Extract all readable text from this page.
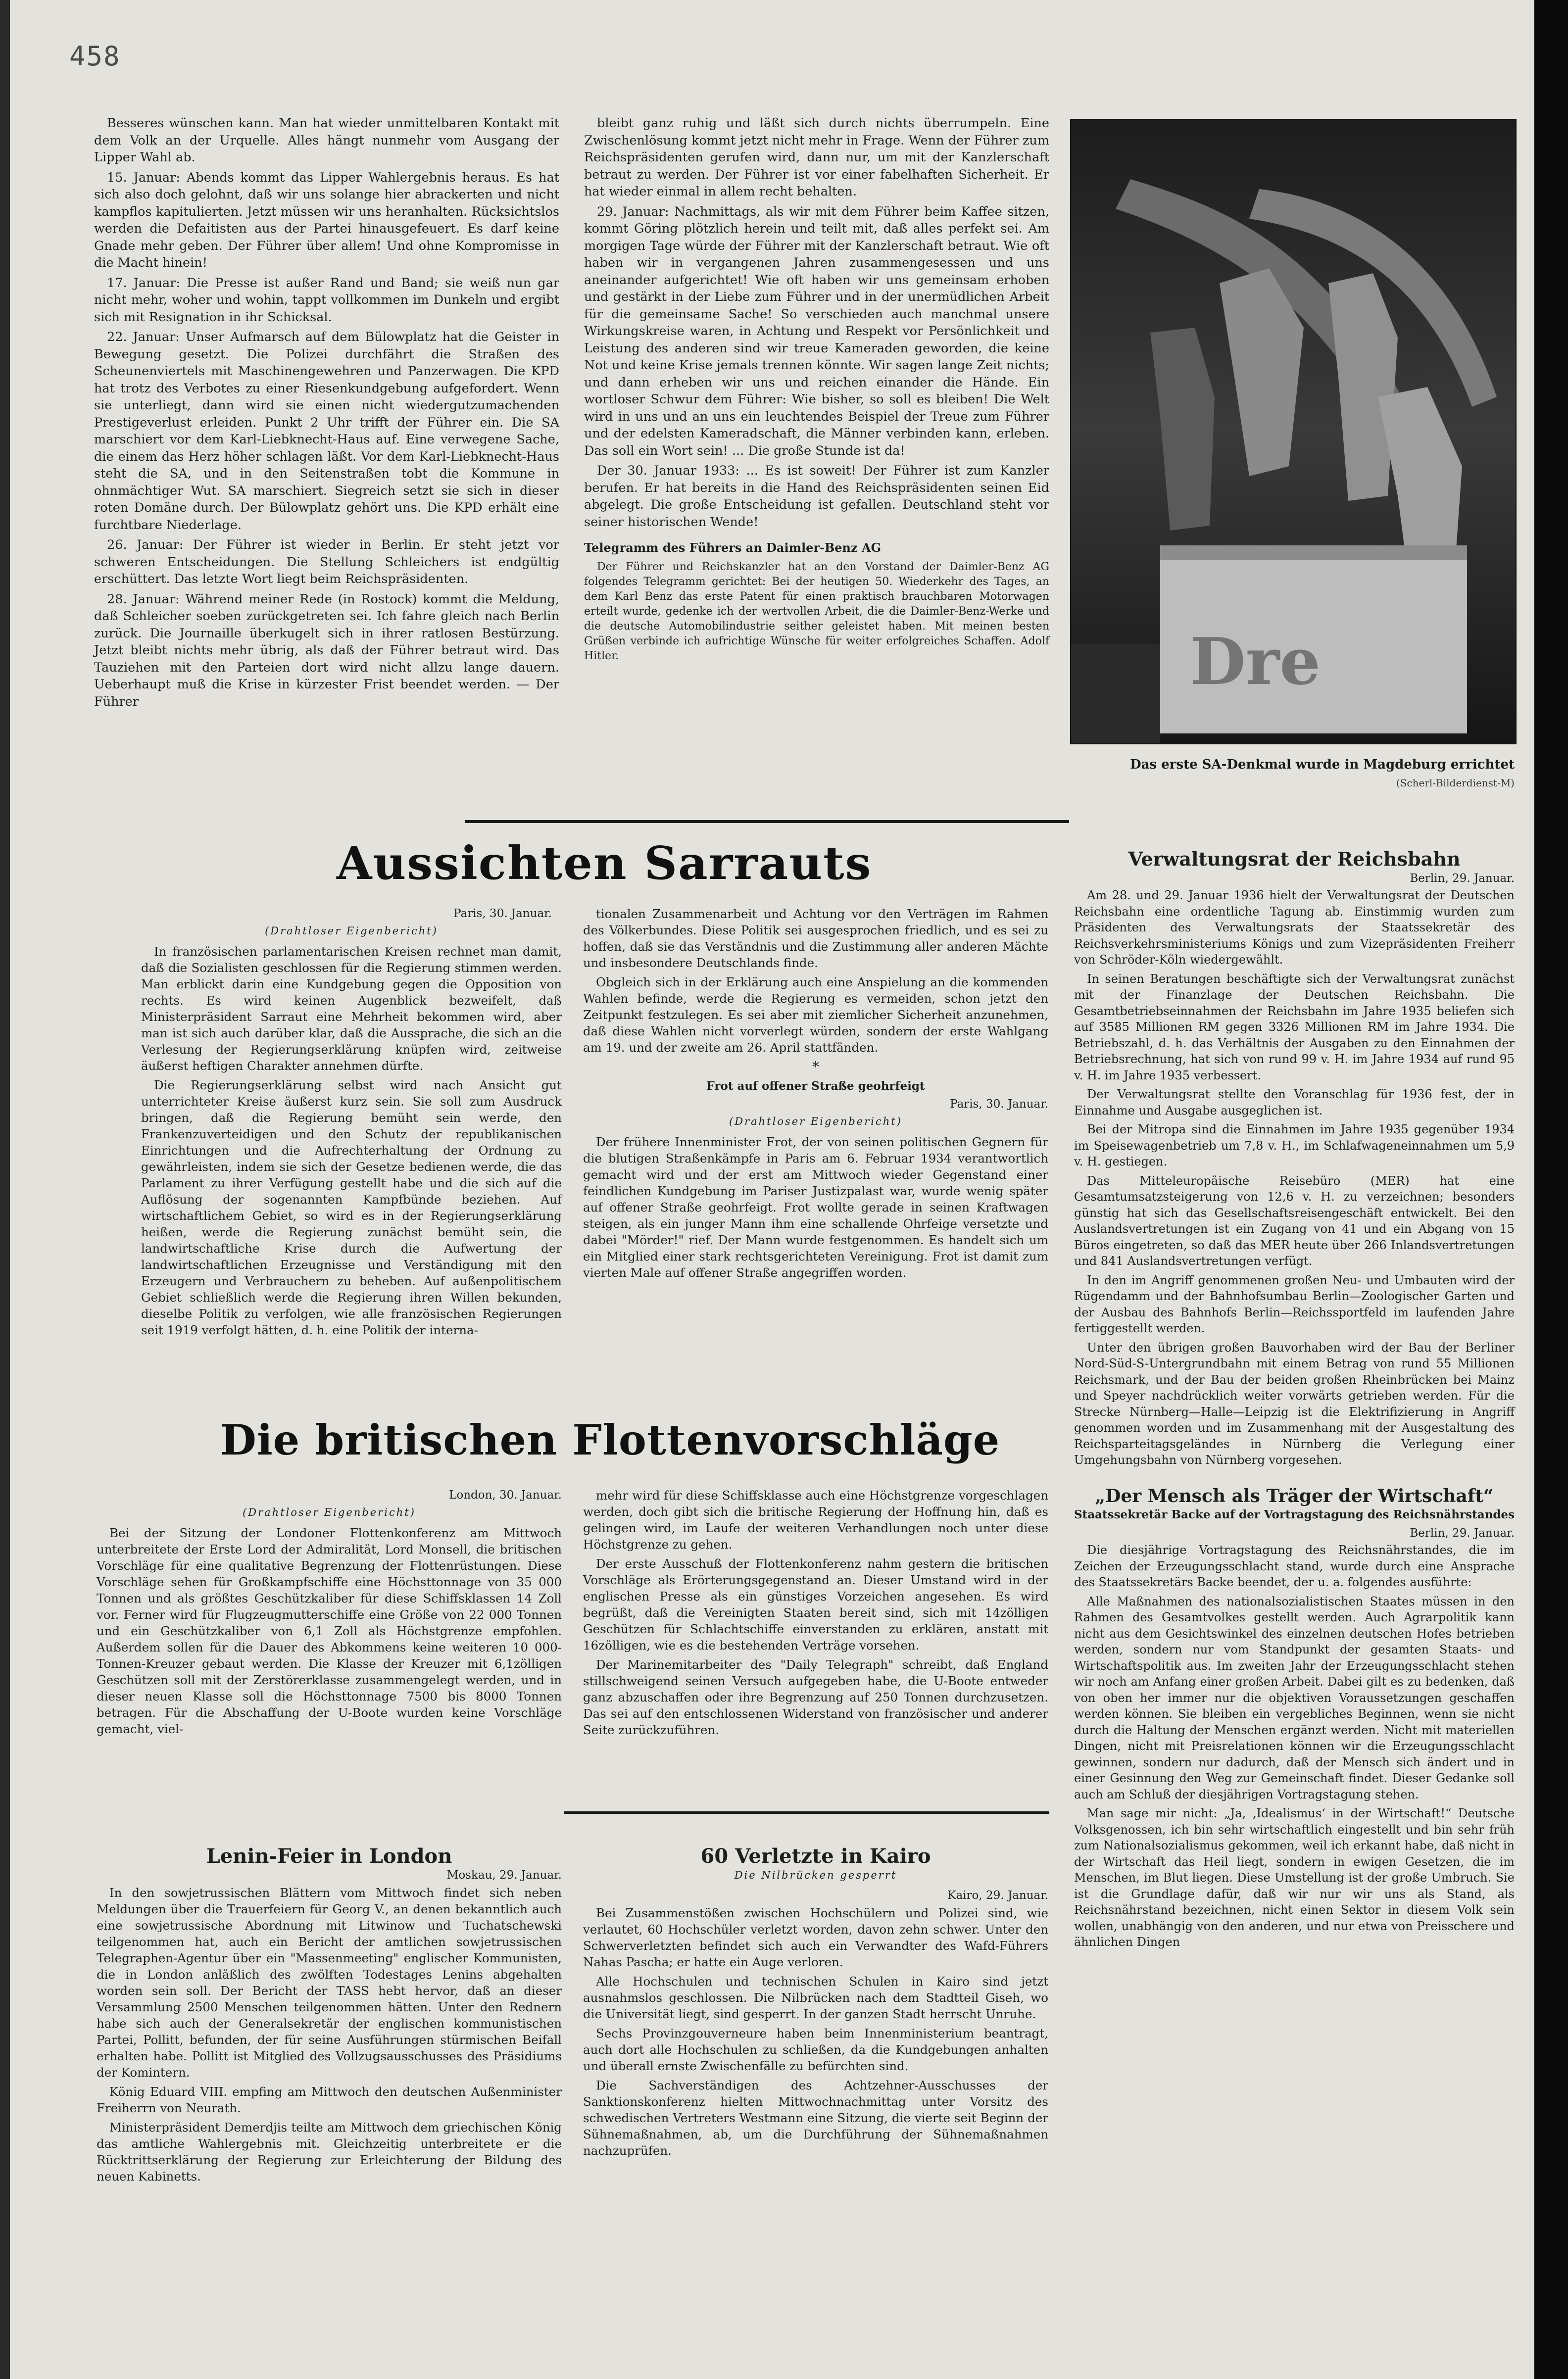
458

Besseres wünschen kann. Man hat wieder unmittelbaren Kontakt mit dem Volk an der Urquelle. Alles hängt nunmehr vom Ausgang der Lipper Wahl ab.

15. Januar: Abends kommt das Lipper Wahlergebnis heraus. Es hat sich also doch gelohnt, daß wir uns solange hier abrackerten und nicht kampflos kapitulierten. Jetzt müssen wir uns heranhalten. Rücksichtslos werden die Defaitisten aus der Partei hinausgefeuert. Es darf keine Gnade mehr geben. Der Führer über allem! Und ohne Kompromisse in die Macht hinein!

17. Januar: Die Presse ist außer Rand und Band; sie weiß nun gar nicht mehr, woher und wohin, tappt vollkommen im Dunkeln und ergibt sich mit Resignation in ihr Schicksal.

22. Januar: Unser Aufmarsch auf dem Bülowplatz hat die Geister in Bewegung gesetzt. Die Polizei durchfährt die Straßen des Scheunenviertels mit Maschinengewehren und Panzerwagen. Die KPD hat trotz des Verbotes zu einer Riesenkundgebung aufgefordert. Wenn sie unterliegt, dann wird sie einen nicht wiedergutzumachenden Prestigeverlust erleiden. Punkt 2 Uhr trifft der Führer ein. Die SA marschiert vor dem Karl-Liebknecht-Haus auf. Eine verwegene Sache, die einem das Herz höher schlagen läßt. Vor dem Karl-Liebknecht-Haus steht die SA, und in den Seitenstraßen tobt die Kommune in ohnmächtiger Wut. SA marschiert. Siegreich setzt sie sich in dieser roten Domäne durch. Der Bülowplatz gehört uns. Die KPD erhält eine furchtbare Niederlage.

26. Januar: Der Führer ist wieder in Berlin. Er steht jetzt vor schweren Entscheidungen. Die Stellung Schleichers ist endgültig erschüttert. Das letzte Wort liegt beim Reichspräsidenten.

28. Januar: Während meiner Rede (in Rostock) kommt die Meldung, daß Schleicher soeben zurückgetreten sei. Ich fahre gleich nach Berlin zurück. Die Journaille überkugelt sich in ihrer ratlosen Bestürzung. Jetzt bleibt nichts mehr übrig, als daß der Führer betraut wird. Das Tauziehen mit den Parteien dort wird nicht allzu lange dauern. Ueberhaupt muß die Krise in kürzester Frist beendet werden. — Der Führer

bleibt ganz ruhig und läßt sich durch nichts überrumpeln. Eine Zwischenlösung kommt jetzt nicht mehr in Frage. Wenn der Führer zum Reichspräsidenten gerufen wird, dann nur, um mit der Kanzlerschaft betraut zu werden. Der Führer ist vor einer fabelhaften Sicherheit. Er hat wieder einmal in allem recht behalten.

29. Januar: Nachmittags, als wir mit dem Führer beim Kaffee sitzen, kommt Göring plötzlich herein und teilt mit, daß alles perfekt sei. Am morgigen Tage würde der Führer mit der Kanzlerschaft betraut. Wie oft haben wir in vergangenen Jahren zusammengesessen und uns aneinander aufgerichtet! Wie oft haben wir uns gemeinsam erhoben und gestärkt in der Liebe zum Führer und in der unermüdlichen Arbeit für die gemeinsame Sache! So verschieden auch manchmal unsere Wirkungskreise waren, in Achtung und Respekt vor Persönlichkeit und Leistung des anderen sind wir treue Kameraden geworden, die keine Not und keine Krise jemals trennen könnte. Wir sagen lange Zeit nichts; und dann erheben wir uns und reichen einander die Hände. Ein wortloser Schwur dem Führer: Wie bisher, so soll es bleiben! Die Welt wird in uns und an uns ein leuchtendes Beispiel der Treue zum Führer und der edelsten Kameradschaft, die Männer verbinden kann, erleben. Das soll ein Wort sein! ... Die große Stunde ist da!

Der 30. Januar 1933: ... Es ist soweit! Der Führer ist zum Kanzler berufen. Er hat bereits in die Hand des Reichspräsidenten seinen Eid abgelegt. Die große Entscheidung ist gefallen. Deutschland steht vor seiner historischen Wende!

Telegramm des Führers an Daimler-Benz AG

Der Führer und Reichskanzler hat an den Vorstand der Daimler-Benz AG folgendes Telegramm gerichtet: Bei der heutigen 50. Wiederkehr des Tages, an dem Karl Benz das erste Patent für einen praktisch brauchbaren Motorwagen erteilt wurde, gedenke ich der wertvollen Arbeit, die die Daimler-Benz-Werke und die deutsche Automobilindustrie seither geleistet haben. Mit meinen besten Grüßen verbinde ich aufrichtige Wünsche für weiter erfolgreiches Schaffen. Adolf Hitler.	Dre
Das erste SA-Denkmal wurde in Magdeburg errichtet
(Scherl-Bilderdienst-M)
Aussichten Sarrauts
Paris, 30. Januar.
(Drahtloser Eigenbericht)

In französischen parlamentarischen Kreisen rechnet man damit, daß die Sozialisten geschlossen für die Regierung stimmen werden. Man erblickt darin eine Kundgebung gegen die Opposition von rechts. Es wird keinen Augenblick bezweifelt, daß Ministerpräsident Sarraut eine Mehrheit bekommen wird, aber man ist sich auch darüber klar, daß die Aussprache, die sich an die Verlesung der Regierungserklärung knüpfen wird, zeitweise äußerst heftigen Charakter annehmen dürfte.

Die Regierungserklärung selbst wird nach Ansicht gut unterrichteter Kreise äußerst kurz sein. Sie soll zum Ausdruck bringen, daß die Regierung bemüht sein werde, den Frankenzuverteidigen und den Schutz der republikanischen Einrichtungen und die Aufrechterhaltung der Ordnung zu gewährleisten, indem sie sich der Gesetze bedienen werde, die das Parlament zu ihrer Verfügung gestellt habe und die sich auf die Auflösung der sogenannten Kampfbünde beziehen. Auf wirtschaftlichem Gebiet, so wird es in der Regierungserklärung heißen, werde die Regierung zunächst bemüht sein, die landwirtschaftliche Krise durch die Aufwertung der landwirtschaftlichen Erzeugnisse und Verständigung mit den Erzeugern und Verbrauchern zu beheben. Auf außenpolitischem Gebiet schließlich werde die Regierung ihren Willen bekunden, dieselbe Politik zu verfolgen, wie alle französischen Regierungen seit 1919 verfolgt hätten, d. h. eine Politik der interna-

tionalen Zusammenarbeit und Achtung vor den Verträgen im Rahmen des Völkerbundes. Diese Politik sei ausgesprochen friedlich, und es sei zu hoffen, daß sie das Verständnis und die Zustimmung aller anderen Mächte und insbesondere Deutschlands finde.

Obgleich sich in der Erklärung auch eine Anspielung an die kommenden Wahlen befinde, werde die Regierung es vermeiden, schon jetzt den Zeitpunkt festzulegen. Es sei aber mit ziemlicher Sicherheit anzunehmen, daß diese Wahlen nicht vorverlegt würden, sondern der erste Wahlgang am 19. und der zweite am 26. April stattfänden.

*
Frot auf offener Straße geohrfeigt
Paris, 30. Januar.
(Drahtloser Eigenbericht)

Der frühere Innenminister Frot, der von seinen politischen Gegnern für die blutigen Straßenkämpfe in Paris am 6. Februar 1934 verantwortlich gemacht wird und der erst am Mittwoch wieder Gegenstand einer feindlichen Kundgebung im Pariser Justizpalast war, wurde wenig später auf offener Straße geohrfeigt. Frot wollte gerade in seinen Kraftwagen steigen, als ein junger Mann ihm eine schallende Ohrfeige versetzte und dabei "Mörder!" rief. Der Mann wurde festgenommen. Es handelt sich um ein Mitglied einer stark rechtsgerichteten Vereinigung. Frot ist damit zum vierten Male auf offener Straße angegriffen worden.

Die britischen Flottenvorschläge
London, 30. Januar.
(Drahtloser Eigenbericht)

Bei der Sitzung der Londoner Flottenkonferenz am Mittwoch unterbreitete der Erste Lord der Admiralität, Lord Monsell, die britischen Vorschläge für eine qualitative Begrenzung der Flottenrüstungen. Diese Vorschläge sehen für Großkampfschiffe eine Höchsttonnage von 35 000 Tonnen und als größtes Geschützkaliber für diese Schiffsklassen 14 Zoll vor. Ferner wird für Flugzeugmutterschiffe eine Größe von 22 000 Tonnen und ein Geschützkaliber von 6,1 Zoll als Höchstgrenze empfohlen. Außerdem sollen für die Dauer des Abkommens keine weiteren 10 000-Tonnen-Kreuzer gebaut werden. Die Klasse der Kreuzer mit 6,1zölligen Geschützen soll mit der Zerstörerklasse zusammengelegt werden, und in dieser neuen Klasse soll die Höchsttonnage 7500 bis 8000 Tonnen betragen. Für die Abschaffung der U-Boote wurden keine Vorschläge gemacht, viel-

mehr wird für diese Schiffsklasse auch eine Höchstgrenze vorgeschlagen werden, doch gibt sich die britische Regierung der Hoffnung hin, daß es gelingen wird, im Laufe der weiteren Verhandlungen noch unter diese Höchstgrenze zu gehen.

Der erste Ausschuß der Flottenkonferenz nahm gestern die britischen Vorschläge als Erörterungsgegenstand an. Dieser Umstand wird in der englischen Presse als ein günstiges Vorzeichen angesehen. Es wird begrüßt, daß die Vereinigten Staaten bereit sind, sich mit 14zölligen Geschützen für Schlachtschiffe einverstanden zu erklären, anstatt mit 16zölligen, wie es die bestehenden Verträge vorsehen.

Der Marinemitarbeiter des "Daily Telegraph" schreibt, daß England stillschweigend seinen Versuch aufgegeben habe, die U-Boote entweder ganz abzuschaffen oder ihre Begrenzung auf 250 Tonnen durchzusetzen. Das sei auf den entschlossenen Widerstand von französischer und anderer Seite zurückzuführen.

Lenin-Feier in London
Moskau, 29. Januar.

In den sowjetrussischen Blättern vom Mittwoch findet sich neben Meldungen über die Trauerfeiern für Georg V., an denen bekanntlich auch eine sowjetrussische Abordnung mit Litwinow und Tuchatschewski teilgenommen hat, auch ein Bericht der amtlichen sowjetrussischen Telegraphen-Agentur über ein "Massenmeeting" englischer Kommunisten, die in London anläßlich des zwölften Todestages Lenins abgehalten worden sein soll. Der Bericht der TASS hebt hervor, daß an dieser Versammlung 2500 Menschen teilgenommen hätten. Unter den Rednern habe sich auch der Generalsekretär der englischen kommunistischen Partei, Pollitt, befunden, der für seine Ausführungen stürmischen Beifall erhalten habe. Pollitt ist Mitglied des Vollzugsausschusses des Präsidiums der Komintern.

König Eduard VIII. empfing am Mittwoch den deutschen Außenminister Freiherrn von Neurath.

Ministerpräsident Demerdjis teilte am Mittwoch dem griechischen König das amtliche Wahlergebnis mit. Gleichzeitig unterbreitete er die Rücktrittserklärung der Regierung zur Erleichterung der Bildung des neuen Kabinetts.

60 Verletzte in Kairo
Die Nilbrücken gesperrt
Kairo, 29. Januar.

Bei Zusammenstößen zwischen Hochschülern und Polizei sind, wie verlautet, 60 Hochschüler verletzt worden, davon zehn schwer. Unter den Schwerverletzten befindet sich auch ein Verwandter des Wafd-Führers Nahas Pascha; er hatte ein Auge verloren.

Alle Hochschulen und technischen Schulen in Kairo sind jetzt ausnahmslos geschlossen. Die Nilbrücken nach dem Stadtteil Giseh, wo die Universität liegt, sind gesperrt. In der ganzen Stadt herrscht Unruhe.

Sechs Provinzgouverneure haben beim Innenministerium beantragt, auch dort alle Hochschulen zu schließen, da die Kundgebungen anhalten und überall ernste Zwischenfälle zu befürchten sind.

Die Sachverständigen des Achtzehner-Ausschusses der Sanktionskonferenz hielten Mittwochnachmittag unter Vorsitz des schwedischen Vertreters Westmann eine Sitzung, die vierte seit Beginn der Sühnemaßnahmen, ab, um die Durchführung der Sühnemaßnahmen nachzuprüfen.

Verwaltungsrat der Reichsbahn
Berlin, 29. Januar.

Am 28. und 29. Januar 1936 hielt der Verwaltungsrat der Deutschen Reichsbahn eine ordentliche Tagung ab. Einstimmig wurden zum Präsidenten des Verwaltungsrats der Staatssekretär des Reichsverkehrsministeriums Königs und zum Vizepräsidenten Freiherr von Schröder-Köln wiedergewählt.

In seinen Beratungen beschäftigte sich der Verwaltungsrat zunächst mit der Finanzlage der Deutschen Reichsbahn. Die Gesamtbetriebseinnahmen der Reichsbahn im Jahre 1935 beliefen sich auf 3585 Millionen RM gegen 3326 Millionen RM im Jahre 1934. Die Betriebszahl, d. h. das Verhältnis der Ausgaben zu den Einnahmen der Betriebsrechnung, hat sich von rund 99 v. H. im Jahre 1934 auf rund 95 v. H. im Jahre 1935 verbessert.

Der Verwaltungsrat stellte den Voranschlag für 1936 fest, der in Einnahme und Ausgabe ausgeglichen ist.

Bei der Mitropa sind die Einnahmen im Jahre 1935 gegenüber 1934 im Speisewagenbetrieb um 7,8 v. H., im Schlafwageneinnahmen um 5,9 v. H. gestiegen.

Das Mitteleuropäische Reisebüro (MER) hat eine Gesamtumsatzsteigerung von 12,6 v. H. zu verzeichnen; besonders günstig hat sich das Gesellschaftsreisengeschäft entwickelt. Bei den Auslandsvertretungen ist ein Zugang von 41 und ein Abgang von 15 Büros eingetreten, so daß das MER heute über 266 Inlandsvertretungen und 841 Auslandsvertretungen verfügt.

In den im Angriff genommenen großen Neu- und Umbauten wird der Rügendamm und der Bahnhofsumbau Berlin—Zoologischer Garten und der Ausbau des Bahnhofs Berlin—Reichssportfeld im laufenden Jahre fertiggestellt werden.

Unter den übrigen großen Bauvorhaben wird der Bau der Berliner Nord-Süd-S-Untergrundbahn mit einem Betrag von rund 55 Millionen Reichsmark, und der Bau der beiden großen Rheinbrücken bei Mainz und Speyer nachdrücklich weiter vorwärts getrieben werden. Für die Strecke Nürnberg—Halle—Leipzig ist die Elektrifizierung in Angriff genommen worden und im Zusammenhang mit der Ausgestaltung des Reichsparteitagsgeländes in Nürnberg die Verlegung einer Umgehungsbahn von Nürnberg vorgesehen.

„Der Mensch als Träger der Wirtschaft“
Staatssekretär Backe auf der Vortragstagung des Reichsnährstandes
Berlin, 29. Januar.

Die diesjährige Vortragstagung des Reichsnährstandes, die im Zeichen der Erzeugungsschlacht stand, wurde durch eine Ansprache des Staatssekretärs Backe beendet, der u. a. folgendes ausführte:

Alle Maßnahmen des nationalsozialistischen Staates müssen in den Rahmen des Gesamtvolkes gestellt werden. Auch Agrarpolitik kann nicht aus dem Gesichtswinkel des einzelnen deutschen Hofes betrieben werden, sondern nur vom Standpunkt der gesamten Staats- und Wirtschaftspolitik aus. Im zweiten Jahr der Erzeugungsschlacht stehen wir noch am Anfang einer großen Arbeit. Dabei gilt es zu bedenken, daß von oben her immer nur die objektiven Voraussetzungen geschaffen werden können. Sie bleiben ein vergebliches Beginnen, wenn sie nicht durch die Haltung der Menschen ergänzt werden. Nicht mit materiellen Dingen, nicht mit Preisrelationen können wir die Erzeugungsschlacht gewinnen, sondern nur dadurch, daß der Mensch sich ändert und in einer Gesinnung den Weg zur Gemeinschaft findet. Dieser Gedanke soll auch am Schluß der diesjährigen Vortragstagung stehen.

Man sage mir nicht: „Ja, ‚Idealismus‘ in der Wirtschaft!“ Deutsche Volksgenossen, ich bin sehr wirtschaftlich eingestellt und bin sehr früh zum Nationalsozialismus gekommen, weil ich erkannt habe, daß nicht in der Wirtschaft das Heil liegt, sondern in ewigen Gesetzen, die im Menschen, im Blut liegen. Diese Umstellung ist der große Umbruch. Sie ist die Grundlage dafür, daß wir nur wir uns als Stand, als Reichsnährstand bezeichnen, nicht einen Sektor in diesem Volk sein wollen, unabhängig von den anderen, und nur etwa von Preisschere und ähnlichen Dingen
